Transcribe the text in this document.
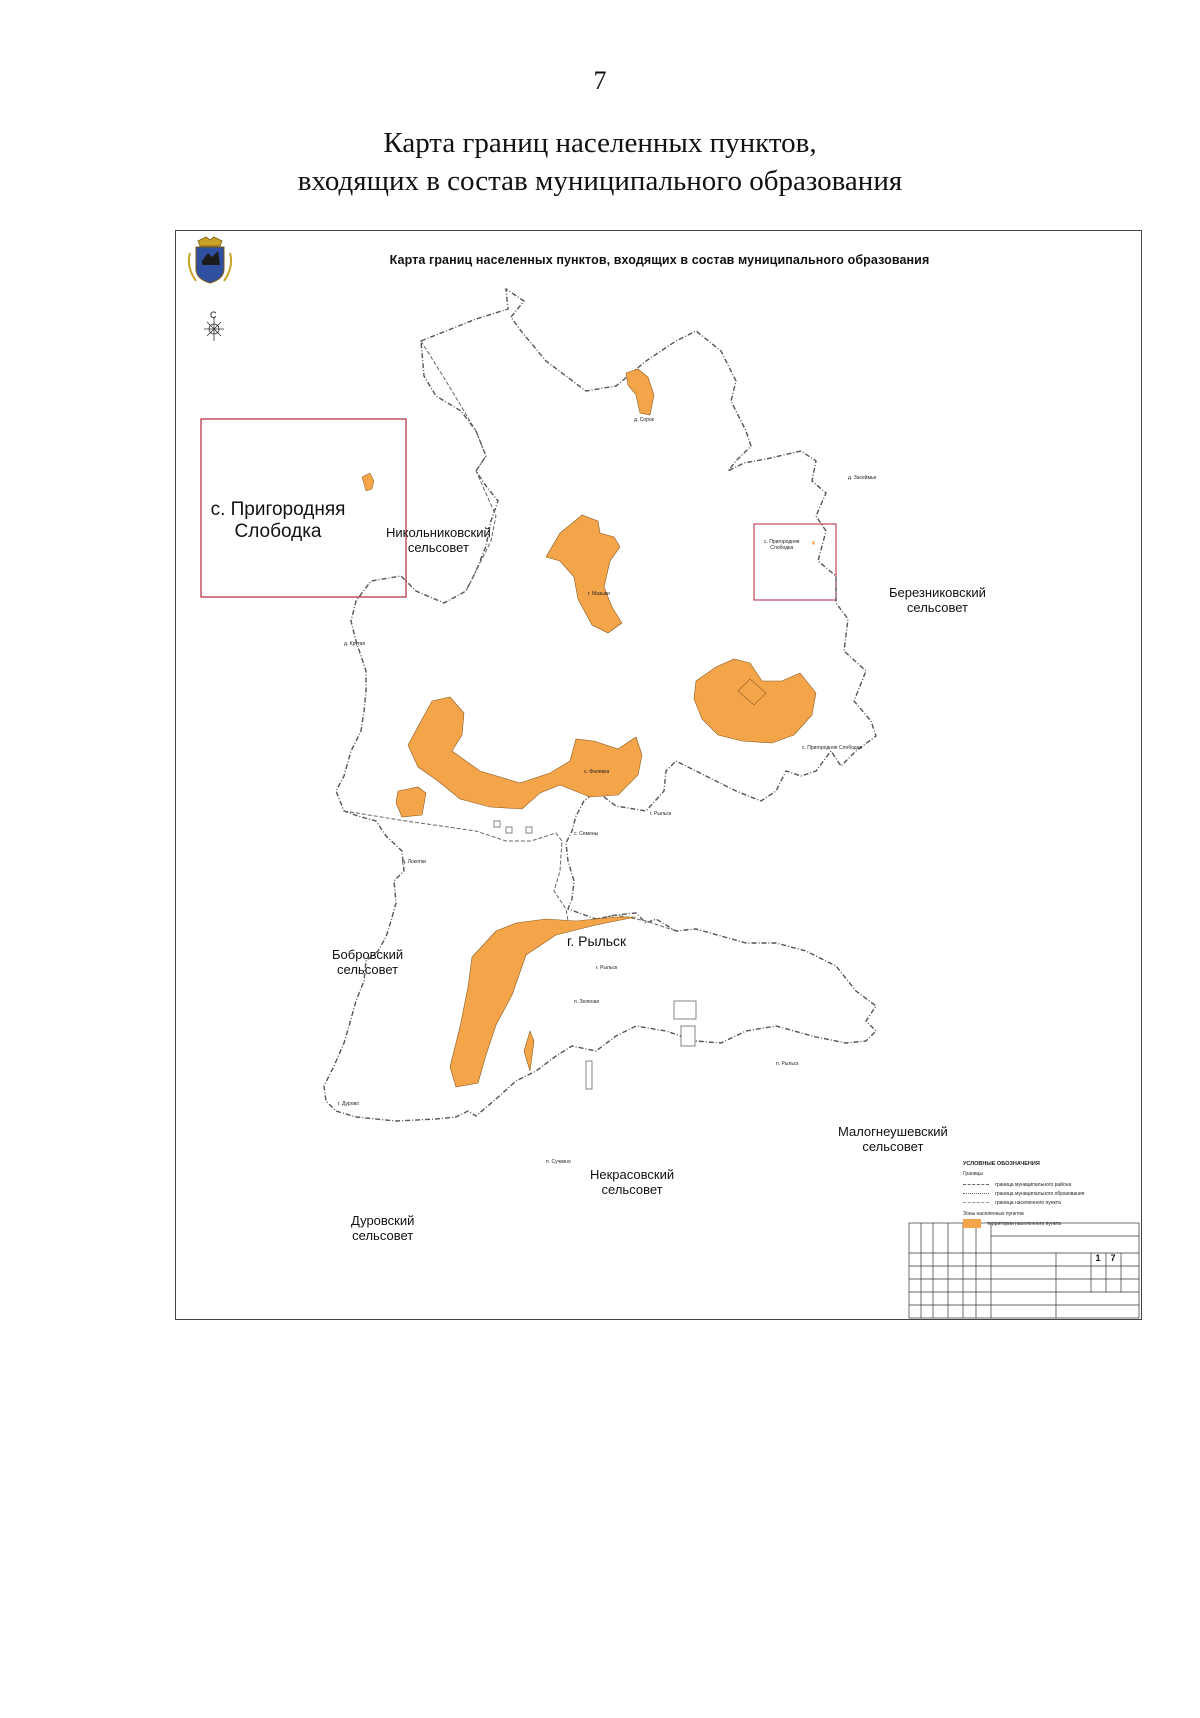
7
Карта границ населенных пунктов,
входящих в состав муниципального образования
Карта границ населенных пунктов, входящих в состав муниципального образования
С
с. Пригородняя
Слободка	с. Пригородняя
Слободка
Никольниковский
сельсовет
Березниковский
сельсовет
Бобровский
сельсовет
г. Рыльск
Малогнеушевский
сельсовет
Некрасовский
сельсовет
Дуровский
сельсовет
д. Сорок
д. Засеймье
г. Мазыки
д. Кругая
с. Пригородняя Слободка
с. Фалевка
г. Рыльск
с. Семены
д. Локотки
г. Рыльск
п. Зеленая
г. Дурово
п. Рыльск
п. Сучкино	УСЛОВНЫЕ ОБОЗНАЧЕНИЯ
Границы
граница муниципального района
граница муниципального образования
граница населенного пункта
Зоны населенных пунктов
территории населенного пункта
1	7
